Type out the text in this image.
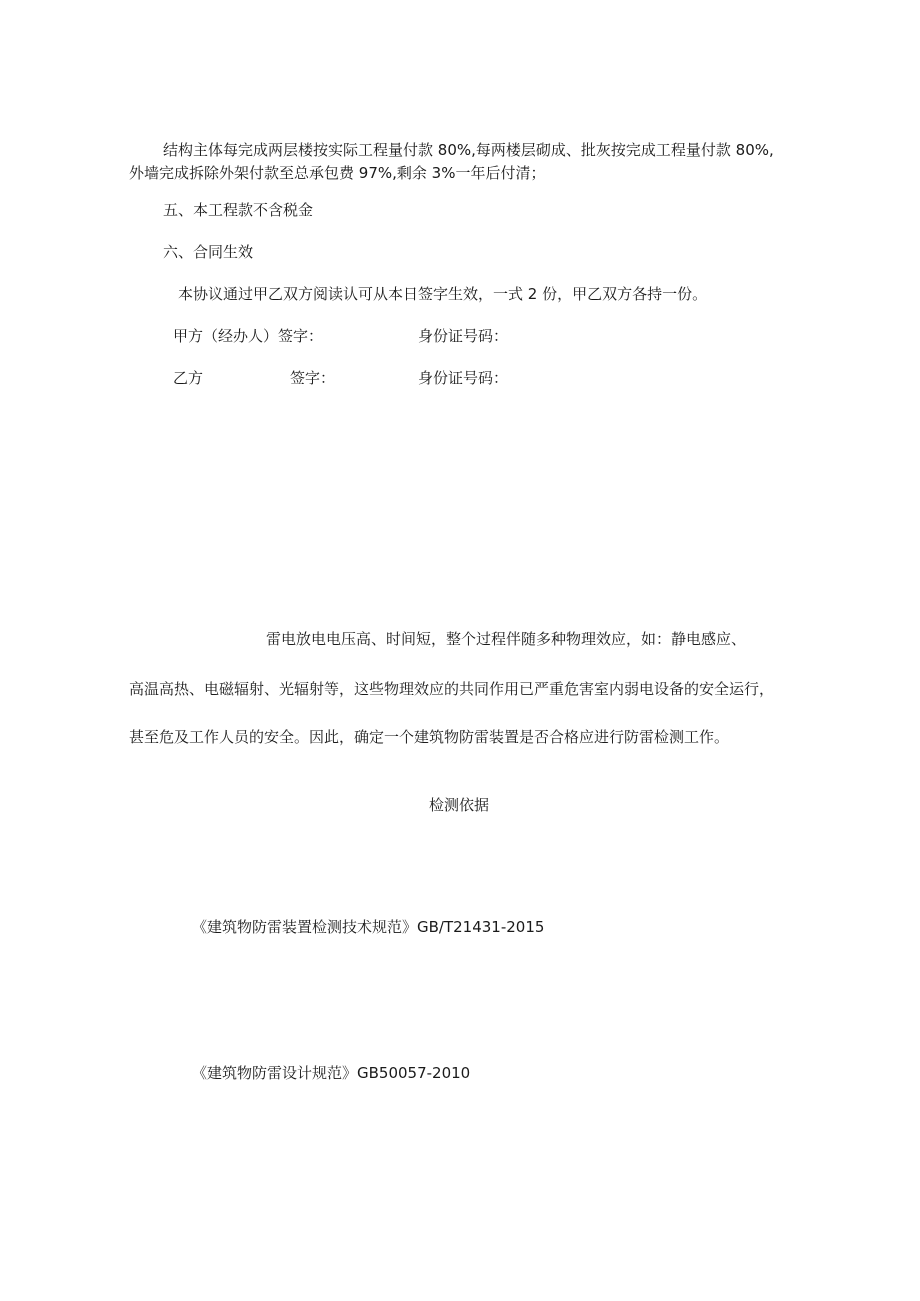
结构主体每完成两层楼按实际工程量付款 80%,每两楼层砌成、批灰按完成工程量付款 80%,
外墙完成拆除外架付款至总承包费 97%,剩余 3%一年后付清；
五、本工程款不含税金
六、合同生效
本协议通过甲乙双方阅读认可从本日签字生效，一式 2 份，甲乙双方各持一份。
甲方（经办人）签字：	身份证号码：
乙方	签字：	身份证号码：
雷电放电电压高、时间短，整个过程伴随多种物理效应，如：静电感应、
高温高热、电磁辐射、光辐射等，这些物理效应的共同作用已严重危害室内弱电设备的安全运行，
甚至危及工作人员的安全。因此，确定一个建筑物防雷装置是否合格应进行防雷检测工作。
检测依据
《建筑物防雷装置检测技术规范》GB/T21431-2015
《建筑物防雷设计规范》GB50057-2010
